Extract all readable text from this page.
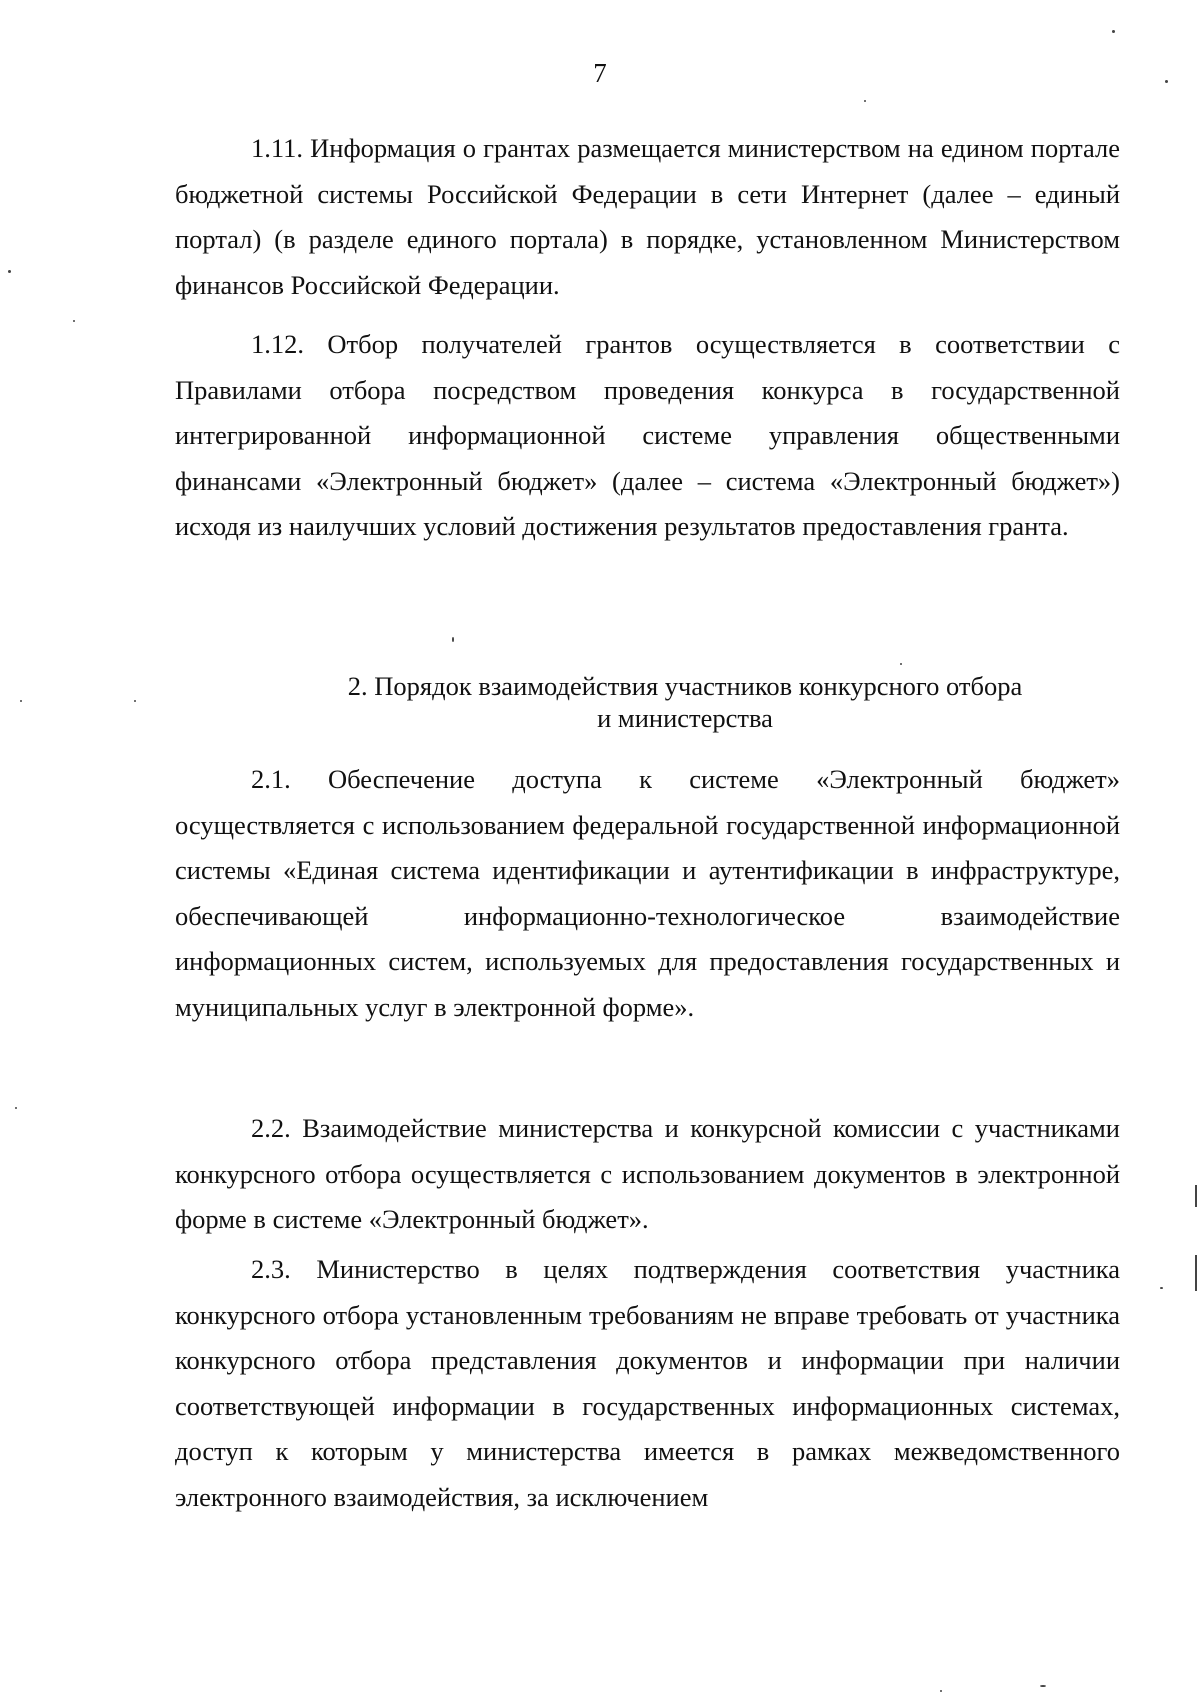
7

1.11. Информация о грантах размещается министерством на едином портале бюджетной системы Российской Федерации в сети Интернет (далее – единый портал) (в разделе единого портала) в порядке, установленном Министерством финансов Российской Федерации.

1.12. Отбор получателей грантов осуществляется в соответствии с Правилами отбора посредством проведения конкурса в государственной интегрированной информационной системе управления общественными финансами «Электронный бюджет» (далее – система «Электронный бюджет») исходя из наилучших условий достижения результатов предоставления гранта.

2. Порядок взаимодействия участников конкурсного отбора
и министерства

2.1. Обеспечение доступа к системе «Электронный бюджет» осуществляется с использованием федеральной государственной информационной системы «Единая система идентификации и аутентификации в инфраструктуре, обеспечивающей информационно-технологическое взаимодействие информационных систем, используемых для предоставления государственных и муниципальных услуг в электронной форме».

2.2. Взаимодействие министерства и конкурсной комиссии с участниками конкурсного отбора осуществляется с использованием документов в электронной форме в системе «Электронный бюджет».

2.3. Министерство в целях подтверждения соответствия участника конкурсного отбора установленным требованиям не вправе требовать от участника конкурсного отбора представления документов и информации при наличии соответствующей информации в государственных информационных системах, доступ к которым у министерства имеется в рамках межведомственного электронного взаимодействия, за исключением
